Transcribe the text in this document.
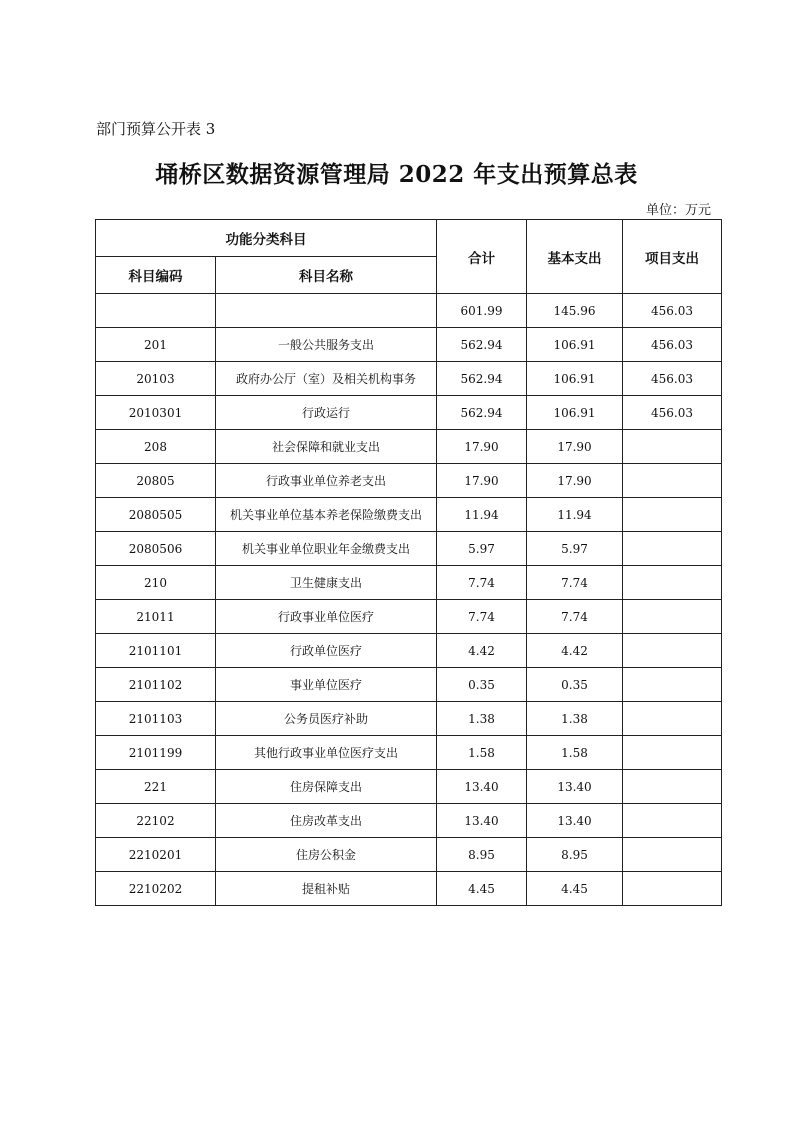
部门预算公开表 3
埇桥区数据资源管理局 2022 年支出预算总表
单位：万元
功能分类科目		合计	基本支出	项目支出
科目编码	科目名称			
		601.99	145.96	456.03
201	一般公共服务支出	562.94	106.91	456.03
20103	政府办公厅（室）及相关机构事务	562.94	106.91	456.03
2010301	行政运行	562.94	106.91	456.03
208	社会保障和就业支出	17.90	17.90	
20805	行政事业单位养老支出	17.90	17.90	
2080505	机关事业单位基本养老保险缴费支出	11.94	11.94	
2080506	机关事业单位职业年金缴费支出	5.97	5.97	
210	卫生健康支出	7.74	7.74	
21011	行政事业单位医疗	7.74	7.74	
2101101	行政单位医疗	4.42	4.42	
2101102	事业单位医疗	0.35	0.35	
2101103	公务员医疗补助	1.38	1.38	
2101199	其他行政事业单位医疗支出	1.58	1.58	
221	住房保障支出	13.40	13.40	
22102	住房改革支出	13.40	13.40	
2210201	住房公积金	8.95	8.95	
2210202	提租补贴	4.45	4.45	
